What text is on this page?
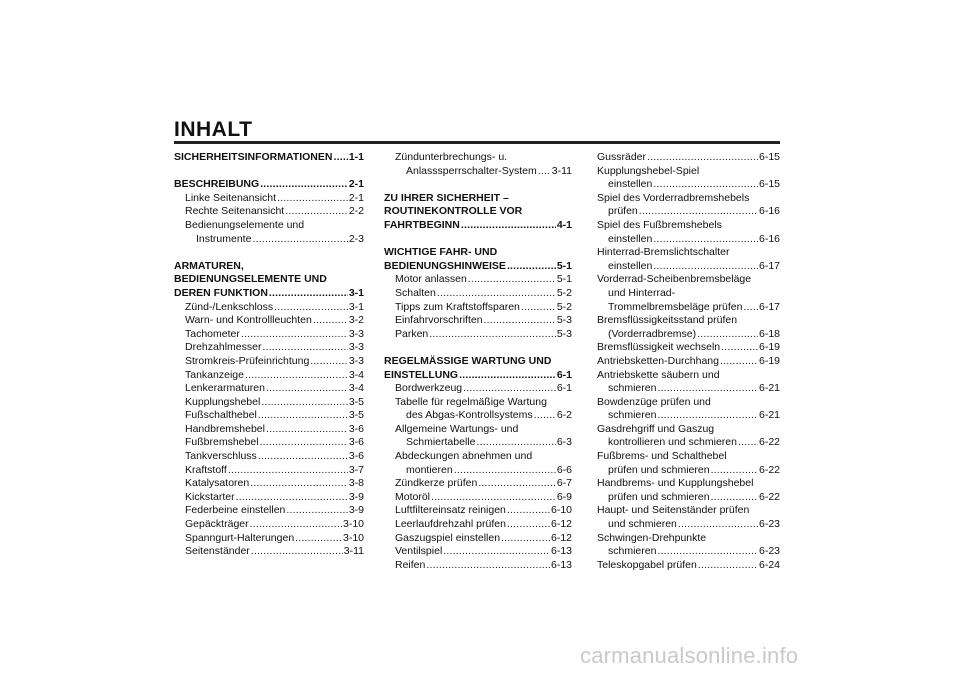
INHALT
SICHERHEITSINFORMATIONEN ..... 1-1
BESCHREIBUNG .....	2-1
Linke Seitenansicht .....	2-1
Rechte Seitenansicht .....	2-2
Bedienungselemente und
Instrumente .....	2-3
ARMATUREN,
BEDIENUNGSELEMENTE UND
DEREN FUNKTION .....	3-1
Zünd-/Lenkschloss .....	3-1
Warn- und Kontrollleuchten .....	3-2
Tachometer .....	3-3
Drehzahlmesser .....	3-3
Stromkreis-Prüfeinrichtung .....	3-3
Tankanzeige .....	3-4
Lenkerarmaturen .....	3-4
Kupplungshebel .....	3-5
Fußschalthebel .....	3-5
Handbremshebel .....	3-6
Fußbremshebel .....	3-6
Tankverschluss .....	3-6
Kraftstoff .....	3-7
Katalysatoren .....	3-8
Kickstarter .....	3-9
Federbeine einstellen .....	3-9
Gepäckträger .....	3-10
Spanngurt-Halterungen .....	3-10
Seitenständer .....	3-11
Zündunterbrechungs- u.
Anlasssperrschalter-System ..... 3-11
ZU IHRER SICHERHEIT –
ROUTINEKONTROLLE VOR
FAHRTBEGINN .....	4-1
WICHTIGE FAHR- UND
BEDIENUNGSHINWEISE .....	5-1
Motor anlassen .....	5-1
Schalten .....	5-2
Tipps zum Kraftstoffsparen .....	5-2
Einfahrvorschriften .....	5-3
Parken .....	5-3
REGELMÄSSIGE WARTUNG UND
EINSTELLUNG .....	6-1
Bordwerkzeug .....	6-1
Tabelle für regelmäßige Wartung
des Abgas-Kontrollsystems ..... 6-2
Allgemeine Wartungs- und
Schmiertabelle .....	6-3
Abdeckungen abnehmen und
montieren .....	6-6
Zündkerze prüfen .....	6-7
Motoröl .....	6-9
Luftfiltereinsatz reinigen .....	6-10
Leerlaufdrehzahl prüfen .....	6-12
Gaszugspiel einstellen .....	6-12
Ventilspiel .....	6-13
Reifen .....	6-13
Gussräder .....	6-15
Kupplungshebel-Spiel
einstellen .....	6-15
Spiel des Vorderradbremshebels
prüfen .....	6-16
Spiel des Fußbremshebels
einstellen .....	6-16
Hinterrad-Bremslichtschalter
einstellen .....	6-17
Vorderrad-Scheibenbremsbeläge
und Hinterrad-
Trommelbremsbeläge prüfen ..... 6-17
Bremsflüssigkeitsstand prüfen
(Vorderradbremse) .....	6-18
Bremsflüssigkeit wechseln .....	6-19
Antriebsketten-Durchhang .....	6-19
Antriebskette säubern und
schmieren .....	6-21
Bowdenzüge prüfen und
schmieren .....	6-21
Gasdrehgriff und Gaszug
kontrollieren und schmieren ..... 6-22
Fußbrems- und Schalthebel
prüfen und schmieren .....	6-22
Handbrems- und Kupplungshebel
prüfen und schmieren .....	6-22
Haupt- und Seitenständer prüfen
und schmieren .....	6-23
Schwingen-Drehpunkte
schmieren .....	6-23
Teleskopgabel prüfen .....	6-24
carmanualsonline.info
